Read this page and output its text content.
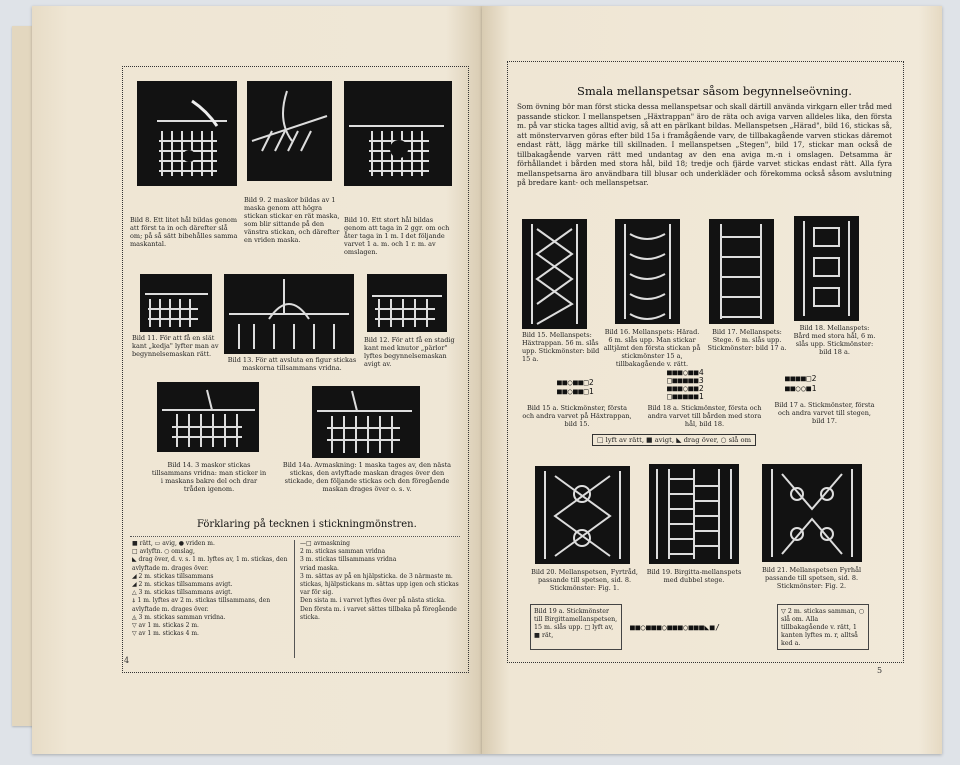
Bild 8. Ett litet hål bildas genom att först ta in och därefter slå om; på så sätt bibehålles samma maskantal.
Bild 9. 2 maskor bildas av 1 maska genom att högra stickan stickar en rät maska, som blir sittande på den vänstra stickan, och därefter en vriden maska.
Bild 10. Ett stort hål bildas genom att taga in 2 ggr. om och åter taga in 1 m. I det följande varvet 1 a. m. och 1 r. m. av omslagen.
Bild 11. För att få en slät kant „kedja" lyfter man av begynnelsemaskan rätt.
Bild 13. För att avsluta en figur stickas maskorna tillsammans vridna.
Bild 12. För att få en stadig kant med knutor „pärlor" lyftes begynnelsemaskan avigt av.
Bild 14. 3 maskor stickas tillsammans vridna: man sticker in i maskans bakre del och drar tråden igenom.
Bild 14a. Avmaskning: 1 maska tages av, den nästa stickas, den avlyftade maskan drages över den stickade, den följande stickas och den föregående maskan drages över o. s. v.
Förklaring på tecknen i stickningmönstren.
■ rätt, ▭ avig, ● vriden m.
□ avlyftn. ○ omslag,
◣ drag över, d. v. s. 1 m. lyftes av, 1 m. stickas, den avlyftade m. drages över.
◢ 2 m. stickas tillsammans
◢ 2 m. stickas tillsammans avigt.
△ 3 m. stickas tillsammans avigt.
⍋ 1 m. lyftes av 2 m. stickas tillsammans, den avlyftade m. drages över.
◬ 3 m. stickas samman vridna.
▽ av 1 m. stickas 2 m.
▽ av 1 m. stickas 4 m.
—□ avmaskning
2 m. stickas samman vridna
3 m. stickas tillsammans vridna
vriad maska.
3 m. sättas av på en hjälpsticka. de 3 närmaste m. stickas, hjälpstickans m. sättas upp igen och stickas var för sig.
Den sista m. i varvet lyftes över på nästa sticka.
Den första m. i varvet sättes tillbaka på föregående sticka.
4
Smala mellanspetsar såsom begynnelseövning.
Som övning bör man först sticka dessa mellanspetsar och skall därtill använda virkgarn eller tråd med passande stickor. I mellanspetsen „Häxtrappan" äro de räta och aviga varven alldeles lika, den första m. på var sticka tages alltid avig, så att en pärlkant bildas. Mellanspetsen „Härad", bild 16, stickas så, att mönstervarven göras efter bild 15a i framågående varv, de tillbakagående varven stickas däremot endast rätt, lägg märke till skillnaden. I mellanspetsen „Stegen", bild 17, stickar man också de tillbakagående varven rätt med undantag av den ena aviga m.-n i omslagen. Detsamma är förhållandet i bården med stora hål, bild 18; tredje och fjärde varvet stickas endast rätt. Alla fyra mellanspetsarna äro användbara till blusar och underkläder och förekomma också såsom avslutning på bredare kant- och mellanspetsar.
Bild 15. Mellanspets: Häxtrappan. 56 m. slås upp. Stickmönster: bild 15 a.
Bild 16. Mellanspets: Härad. 6 m. slås upp. Man stickar alltjämt den första stickan på stickmönster 15 a, tillbakagående v. rätt.
Bild 17. Mellanspets: Stege. 6 m. slås upp. Stickmönster: bild 17 a.
Bild 18. Mellanspets: Bård med stora hål, 6 m. slås upp. Stickmönster: bild 18 a.
■■○■■□2
■■○■■□1
■■■○■■4
□■■■■■3
■■■○■■2
□■■■■■1
■■■■□2
■■○○■1
Bild 15 a. Stickmönster, första och andra varvet på Häxtrappan, bild 15.
Bild 18 a. Stickmönster, första och andra varvet till bården med stora hål, bild 18.
Bild 17 a. Stickmönster, första och andra varvet till stegen, bild 17.
□ lyft av rätt, ■ avigt, ◣ drag över, ○ slå om
Bild 20. Mellanspetsen, Fyrtråd, passande till spetsen, sid. 8. Stickmönster: Fig. 1.
Bild 19. Birgitta-mellanspets med dubbel stege.
Bild 21. Mellanspetsen Fyrhål passande till spetsen, sid. 8. Stickmönster: Fig. 2.
Bild 19 a. Stickmönster till Birgittamellanspetsen, 15 m. slås upp. □ lyft av, ■ rät,
■■○■■■○■■■○■■■◣■/
▽ 2 m. stickas samman, ○ slå om. Alla tillbakagående v. rätt, 1 kanten lyftes m. r, alltså ked a.
5
